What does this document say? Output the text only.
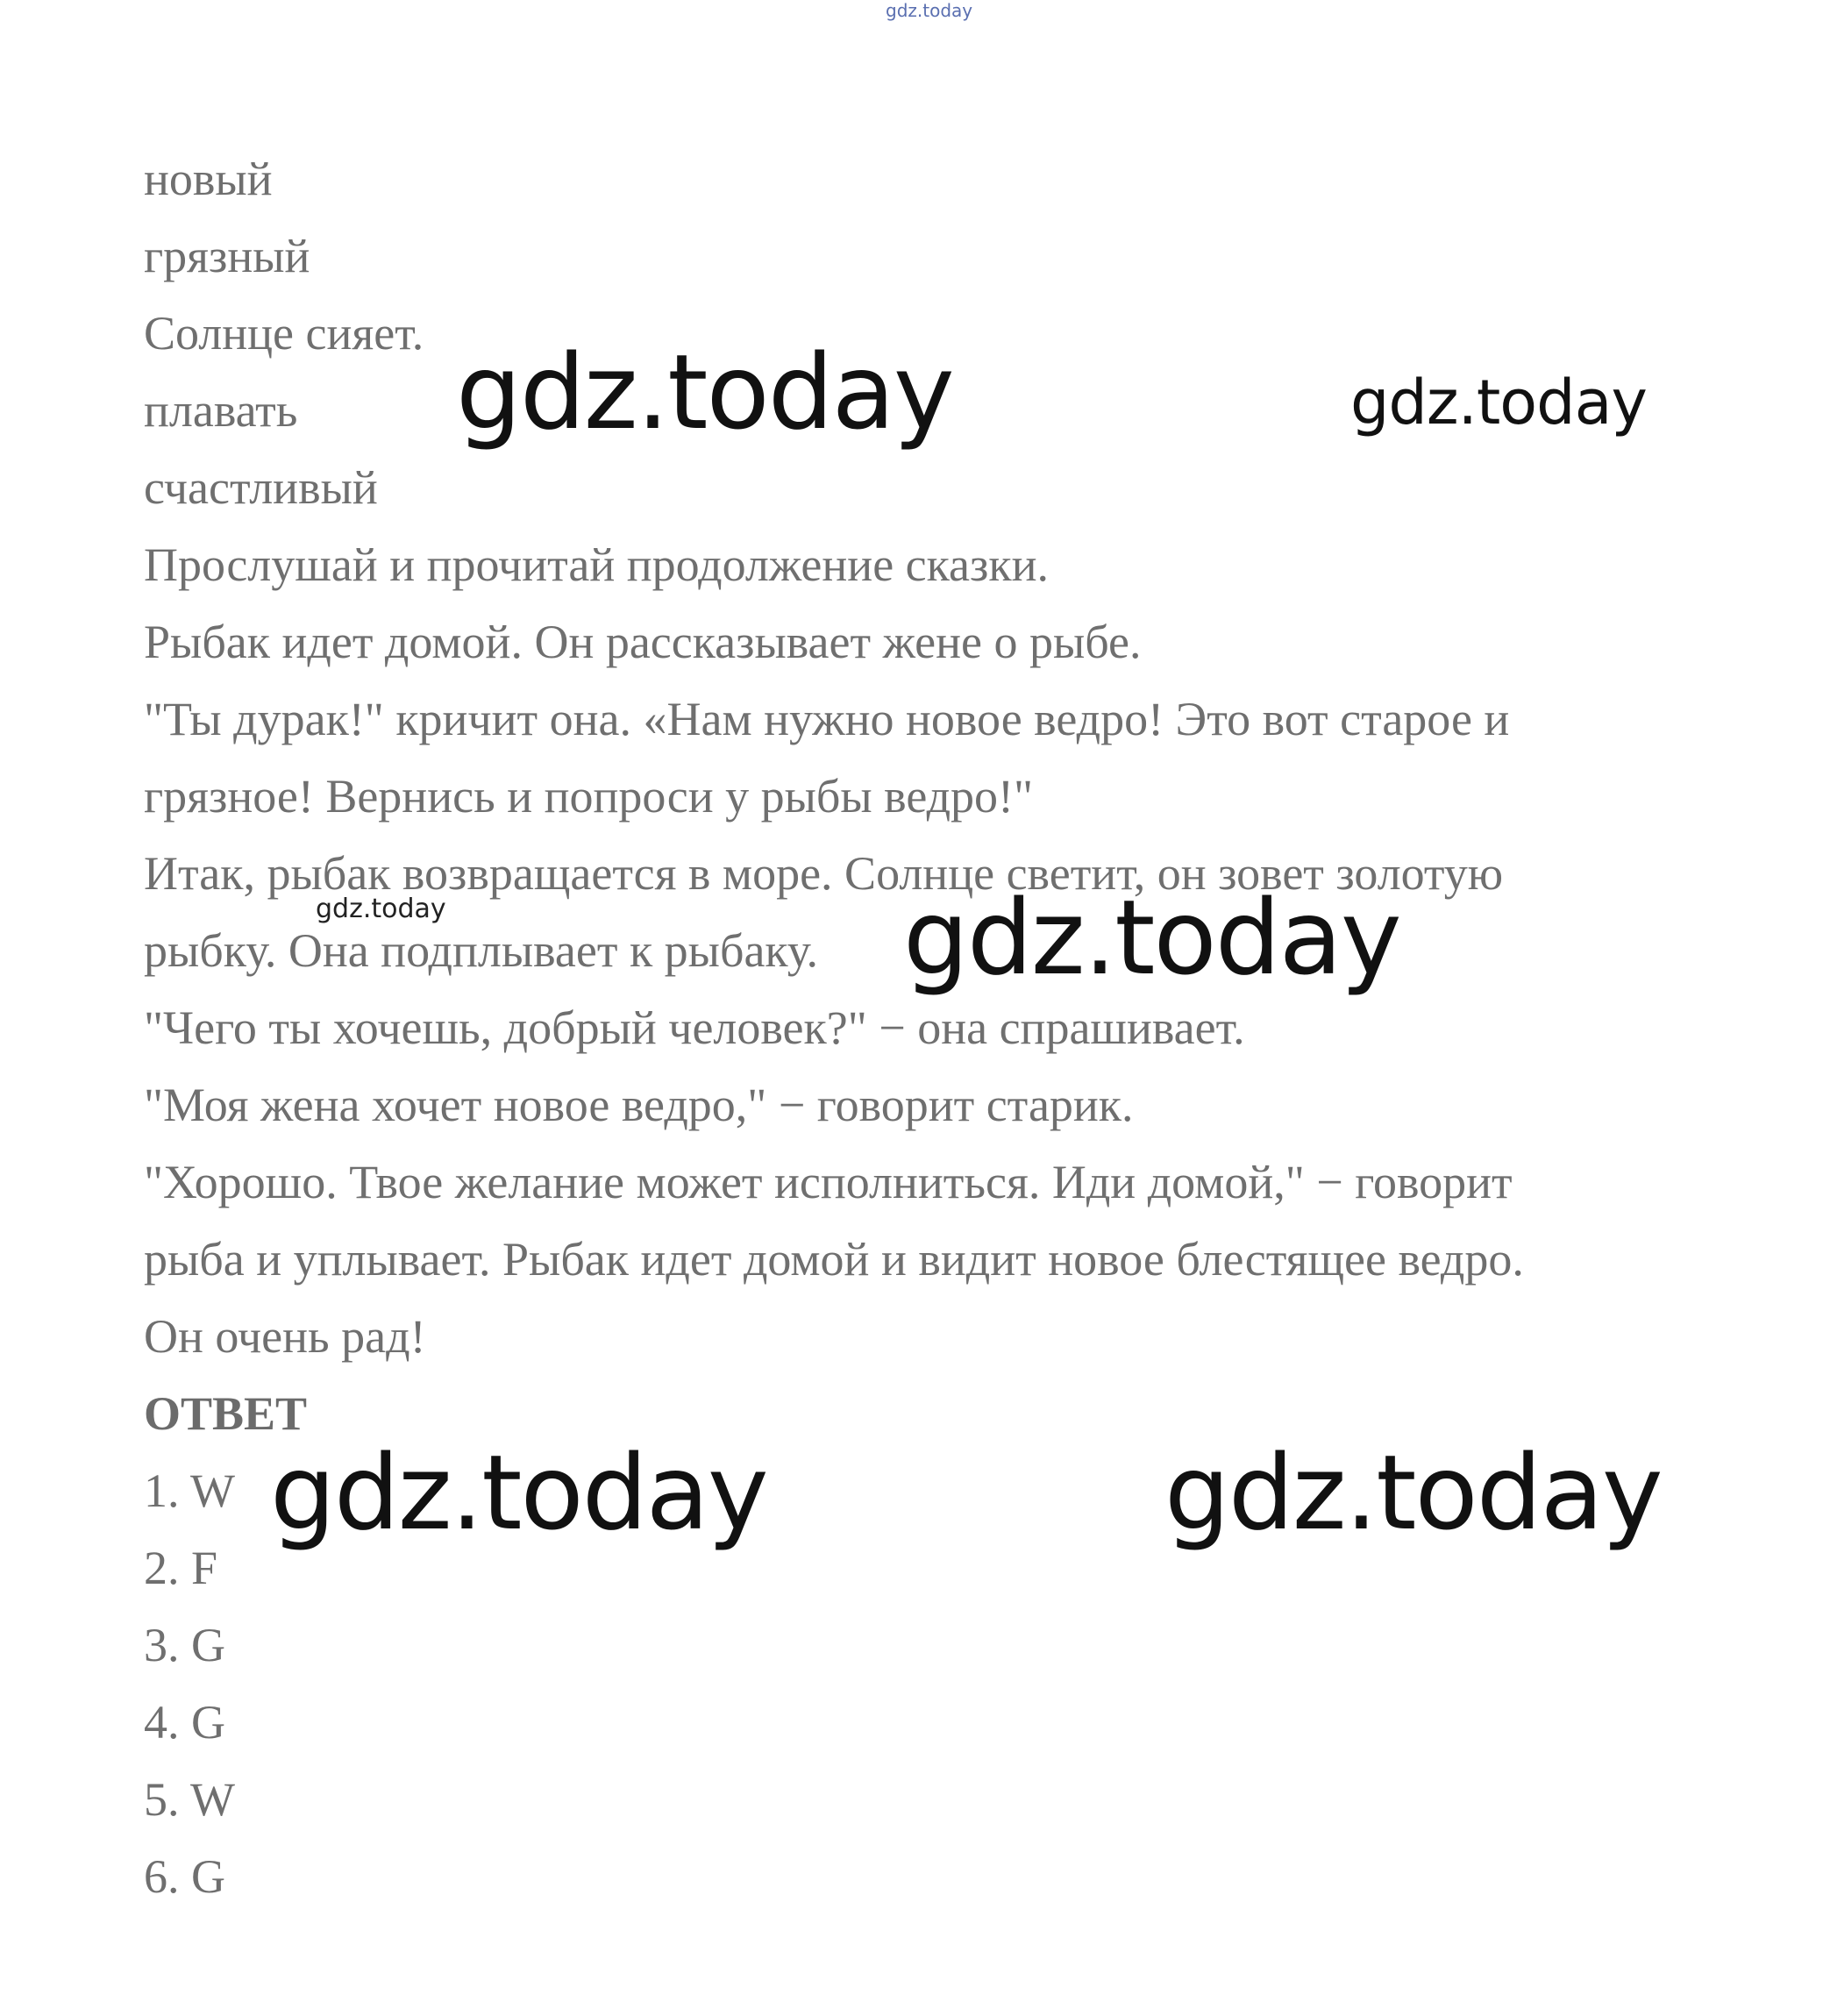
gdz.today
новый
грязный
Солнце сияет.
плавать
счастливый
Прослушай и прочитай продолжение сказки.
Рыбак идет домой. Он рассказывает жене о рыбе.
"Ты дурак!" кричит она. «Нам нужно новое ведро! Это вот старое и
грязное! Вернись и попроси у рыбы ведро!"
Итак, рыбак возвращается в море. Солнце светит, он зовет золотую
рыбку. Она подплывает к рыбаку.
"Чего ты хочешь, добрый человек?" − она спрашивает.
"Моя жена хочет новое ведро," − говорит старик.
"Хорошо. Твое желание может исполниться. Иди домой," − говорит
рыба и уплывает. Рыбак идет домой и видит новое блестящее ведро.
Он очень рад!
ОТВЕТ
1. W
2. F
3. G
4. G
5. W
6. G
gdz.today	gdz.today
gdz.today	gdz.today
gdz.today	gdz.today
